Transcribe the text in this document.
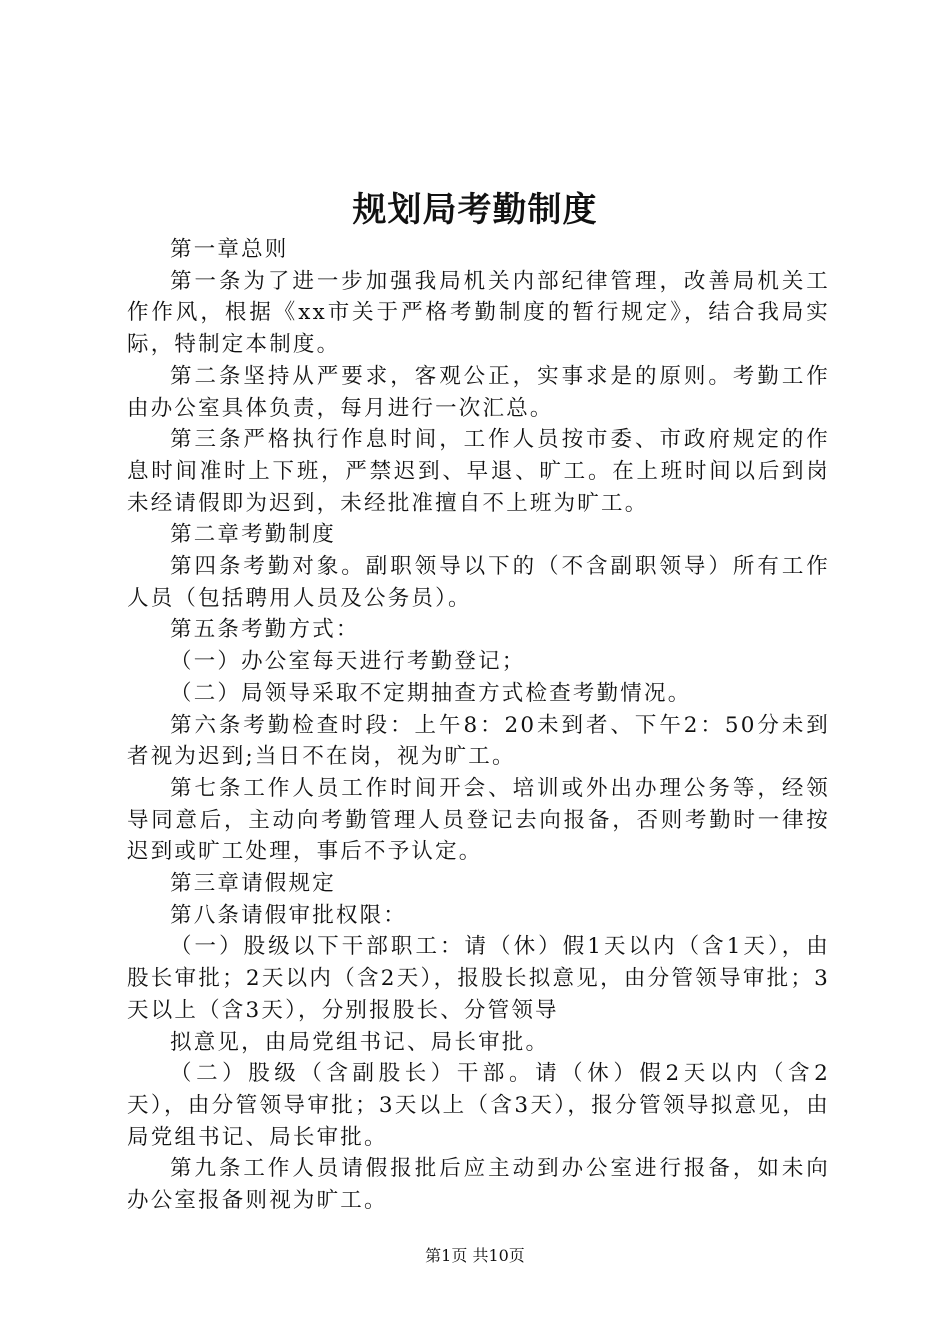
规划局考勤制度

第一章总则

第一条为了进一步加强我局机关内部纪律管理，改善局机关工作作风，根据《xx市关于严格考勤制度的暂行规定》，结合我局实际，特制定本制度。

第二条坚持从严要求，客观公正，实事求是的原则。考勤工作由办公室具体负责，每月进行一次汇总。

第三条严格执行作息时间，工作人员按市委、市政府规定的作息时间准时上下班，严禁迟到、早退、旷工。在上班时间以后到岗未经请假即为迟到，未经批准擅自不上班为旷工。

第二章考勤制度

第四条考勤对象。副职领导以下的（不含副职领导）所有工作人员（包括聘用人员及公务员）。

第五条考勤方式：

（一）办公室每天进行考勤登记；

（二）局领导采取不定期抽查方式检查考勤情况。

第六条考勤检查时段：上午8：20未到者、下午2：50分未到者视为迟到;当日不在岗，视为旷工。

第七条工作人员工作时间开会、培训或外出办理公务等，经领导同意后，主动向考勤管理人员登记去向报备，否则考勤时一律按迟到或旷工处理，事后不予认定。

第三章请假规定

第八条请假审批权限：

（一）股级以下干部职工：请（休）假1天以内（含1天），由股长审批；2天以内（含2天），报股长拟意见，由分管领导审批；3天以上（含3天），分别报股长、分管领导

拟意见，由局党组书记、局长审批。

（二）股级（含副股长）干部。请（休）假2天以内（含2天），由分管领导审批；3天以上（含3天），报分管领导拟意见，由局党组书记、局长审批。

第九条工作人员请假报批后应主动到办公室进行报备，如未向办公室报备则视为旷工。

第1页 共10页
